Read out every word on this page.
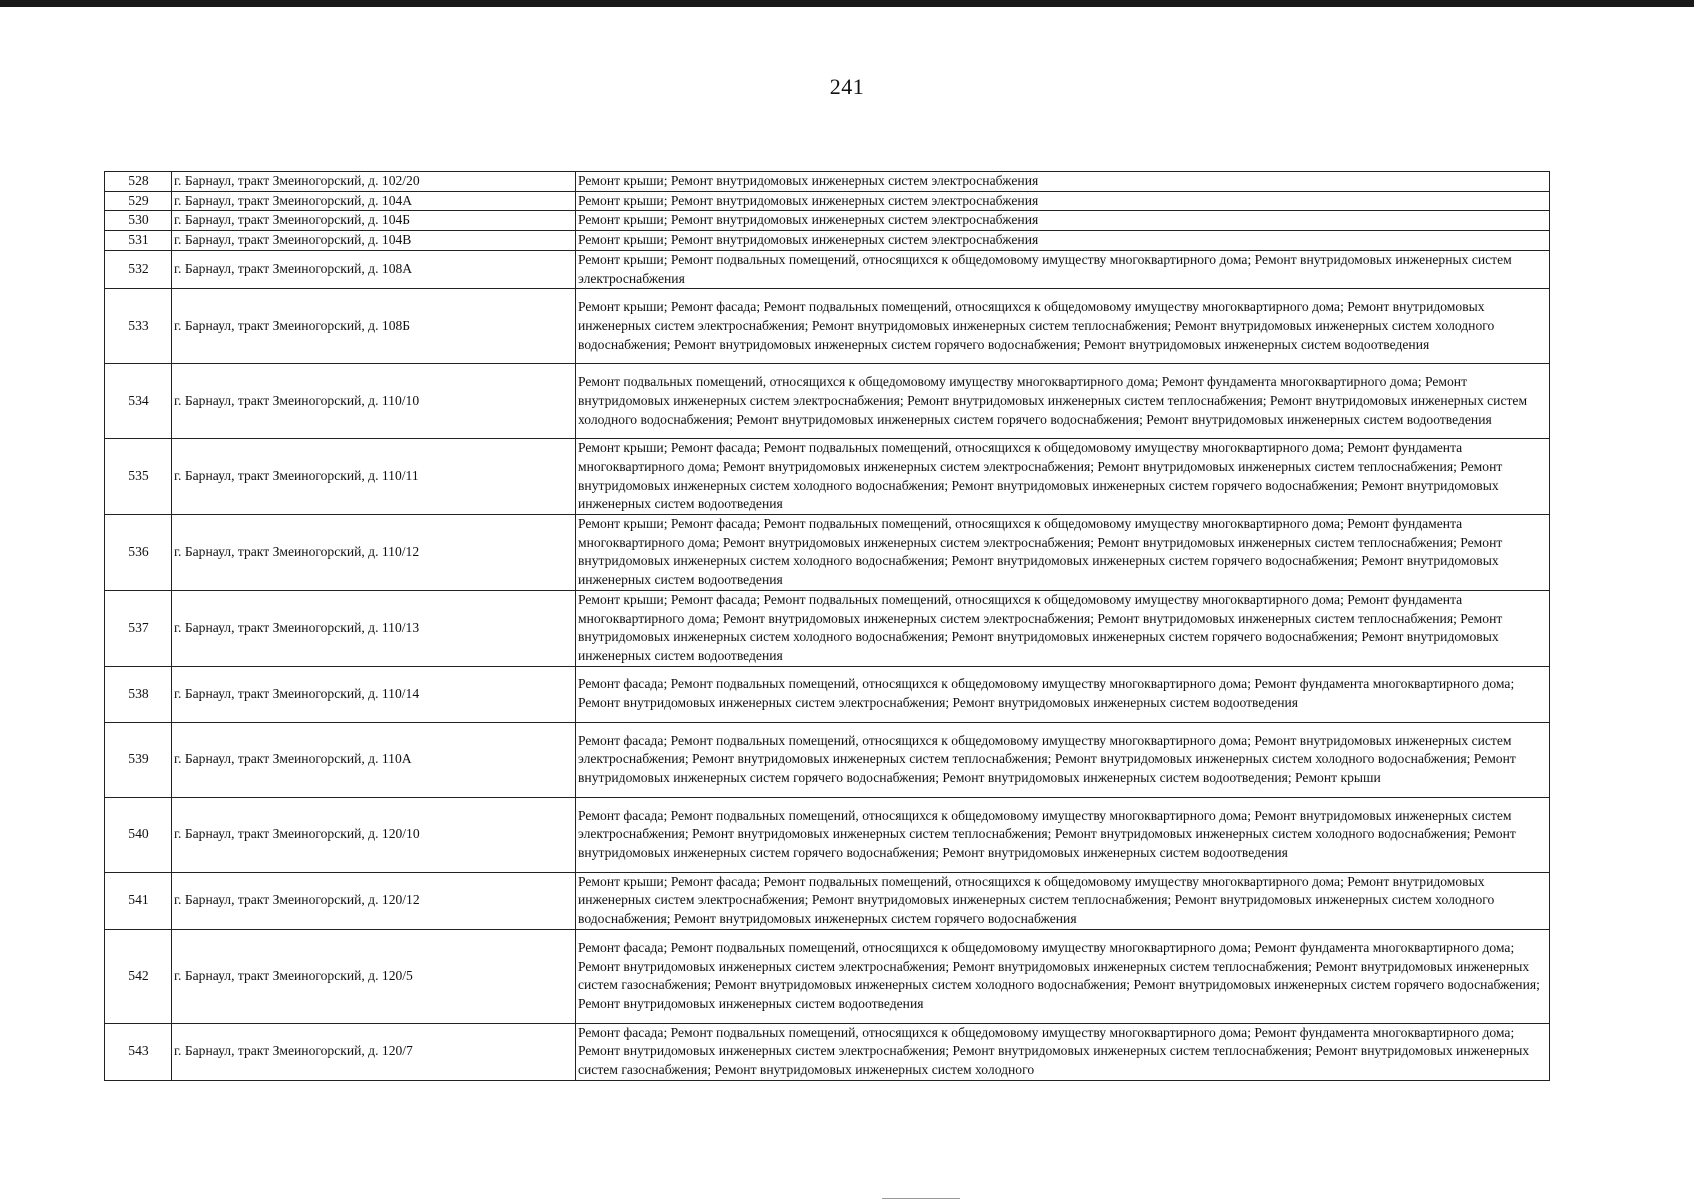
241
528	г. Барнаул, тракт Змеиногорский, д. 102/20	Ремонт крыши; Ремонт внутридомовых инженерных систем электроснабжения
529	г. Барнаул, тракт Змеиногорский, д. 104А	Ремонт крыши; Ремонт внутридомовых инженерных систем электроснабжения
530	г. Барнаул, тракт Змеиногорский, д. 104Б	Ремонт крыши; Ремонт внутридомовых инженерных систем электроснабжения
531	г. Барнаул, тракт Змеиногорский, д. 104В	Ремонт крыши; Ремонт внутридомовых инженерных систем электроснабжения
532	г. Барнаул, тракт Змеиногорский, д. 108А	Ремонт крыши; Ремонт подвальных помещений, относящихся к общедомовому имуществу многоквартирного дома; Ремонт внутридомовых инженерных систем электроснабжения
533	г. Барнаул, тракт Змеиногорский, д. 108Б	Ремонт крыши; Ремонт фасада; Ремонт подвальных помещений, относящихся к общедомовому имуществу многоквартирного дома; Ремонт внутридомовых инженерных систем электроснабжения; Ремонт внутридомовых инженерных систем теплоснабжения; Ремонт внутридомовых инженерных систем холодного водоснабжения; Ремонт внутридомовых инженерных систем горячего водоснабжения; Ремонт внутридомовых инженерных систем водоотведения
534	г. Барнаул, тракт Змеиногорский, д. 110/10	Ремонт подвальных помещений, относящихся к общедомовому имуществу многоквартирного дома; Ремонт фундамента многоквартирного дома; Ремонт внутридомовых инженерных систем электроснабжения; Ремонт внутридомовых инженерных систем теплоснабжения; Ремонт внутридомовых инженерных систем холодного водоснабжения; Ремонт внутридомовых инженерных систем горячего водоснабжения; Ремонт внутридомовых инженерных систем водоотведения
535	г. Барнаул, тракт Змеиногорский, д. 110/11	Ремонт крыши; Ремонт фасада; Ремонт подвальных помещений, относящихся к общедомовому имуществу многоквартирного дома; Ремонт фундамента многоквартирного дома; Ремонт внутридомовых инженерных систем электроснабжения; Ремонт внутридомовых инженерных систем теплоснабжения; Ремонт внутридомовых инженерных систем холодного водоснабжения; Ремонт внутридомовых инженерных систем горячего водоснабжения; Ремонт внутридомовых инженерных систем водоотведения
536	г. Барнаул, тракт Змеиногорский, д. 110/12	Ремонт крыши; Ремонт фасада; Ремонт подвальных помещений, относящихся к общедомовому имуществу многоквартирного дома; Ремонт фундамента многоквартирного дома; Ремонт внутридомовых инженерных систем электроснабжения; Ремонт внутридомовых инженерных систем теплоснабжения; Ремонт внутридомовых инженерных систем холодного водоснабжения; Ремонт внутридомовых инженерных систем горячего водоснабжения; Ремонт внутридомовых инженерных систем водоотведения
537	г. Барнаул, тракт Змеиногорский, д. 110/13	Ремонт крыши; Ремонт фасада; Ремонт подвальных помещений, относящихся к общедомовому имуществу многоквартирного дома; Ремонт фундамента многоквартирного дома; Ремонт внутридомовых инженерных систем электроснабжения; Ремонт внутридомовых инженерных систем теплоснабжения; Ремонт внутридомовых инженерных систем холодного водоснабжения; Ремонт внутридомовых инженерных систем горячего водоснабжения; Ремонт внутридомовых инженерных систем водоотведения
538	г. Барнаул, тракт Змеиногорский, д. 110/14	Ремонт фасада; Ремонт подвальных помещений, относящихся к общедомовому имуществу многоквартирного дома; Ремонт фундамента многоквартирного дома; Ремонт внутридомовых инженерных систем электроснабжения; Ремонт внутридомовых инженерных систем водоотведения
539	г. Барнаул, тракт Змеиногорский, д. 110А	Ремонт фасада; Ремонт подвальных помещений, относящихся к общедомовому имуществу многоквартирного дома; Ремонт внутридомовых инженерных систем электроснабжения; Ремонт внутридомовых инженерных систем теплоснабжения; Ремонт внутридомовых инженерных систем холодного водоснабжения; Ремонт внутридомовых инженерных систем горячего водоснабжения; Ремонт внутридомовых инженерных систем водоотведения; Ремонт крыши
540	г. Барнаул, тракт Змеиногорский, д. 120/10	Ремонт фасада; Ремонт подвальных помещений, относящихся к общедомовому имуществу многоквартирного дома; Ремонт внутридомовых инженерных систем электроснабжения; Ремонт внутридомовых инженерных систем теплоснабжения; Ремонт внутридомовых инженерных систем холодного водоснабжения; Ремонт внутридомовых инженерных систем горячего водоснабжения; Ремонт внутридомовых инженерных систем водоотведения
541	г. Барнаул, тракт Змеиногорский, д. 120/12	Ремонт крыши; Ремонт фасада; Ремонт подвальных помещений, относящихся к общедомовому имуществу многоквартирного дома; Ремонт внутридомовых инженерных систем электроснабжения; Ремонт внутридомовых инженерных систем теплоснабжения; Ремонт внутридомовых инженерных систем холодного водоснабжения; Ремонт внутридомовых инженерных систем горячего водоснабжения
542	г. Барнаул, тракт Змеиногорский, д. 120/5	Ремонт фасада; Ремонт подвальных помещений, относящихся к общедомовому имуществу многоквартирного дома; Ремонт фундамента многоквартирного дома; Ремонт внутридомовых инженерных систем электроснабжения; Ремонт внутридомовых инженерных систем теплоснабжения; Ремонт внутридомовых инженерных систем газоснабжения; Ремонт внутридомовых инженерных систем холодного водоснабжения; Ремонт внутридомовых инженерных систем горячего водоснабжения; Ремонт внутридомовых инженерных систем водоотведения
543	г. Барнаул, тракт Змеиногорский, д. 120/7	Ремонт фасада; Ремонт подвальных помещений, относящихся к общедомовому имуществу многоквартирного дома; Ремонт фундамента многоквартирного дома; Ремонт внутридомовых инженерных систем электроснабжения; Ремонт внутридомовых инженерных систем теплоснабжения; Ремонт внутридомовых инженерных систем газоснабжения; Ремонт внутридомовых инженерных систем холодного
